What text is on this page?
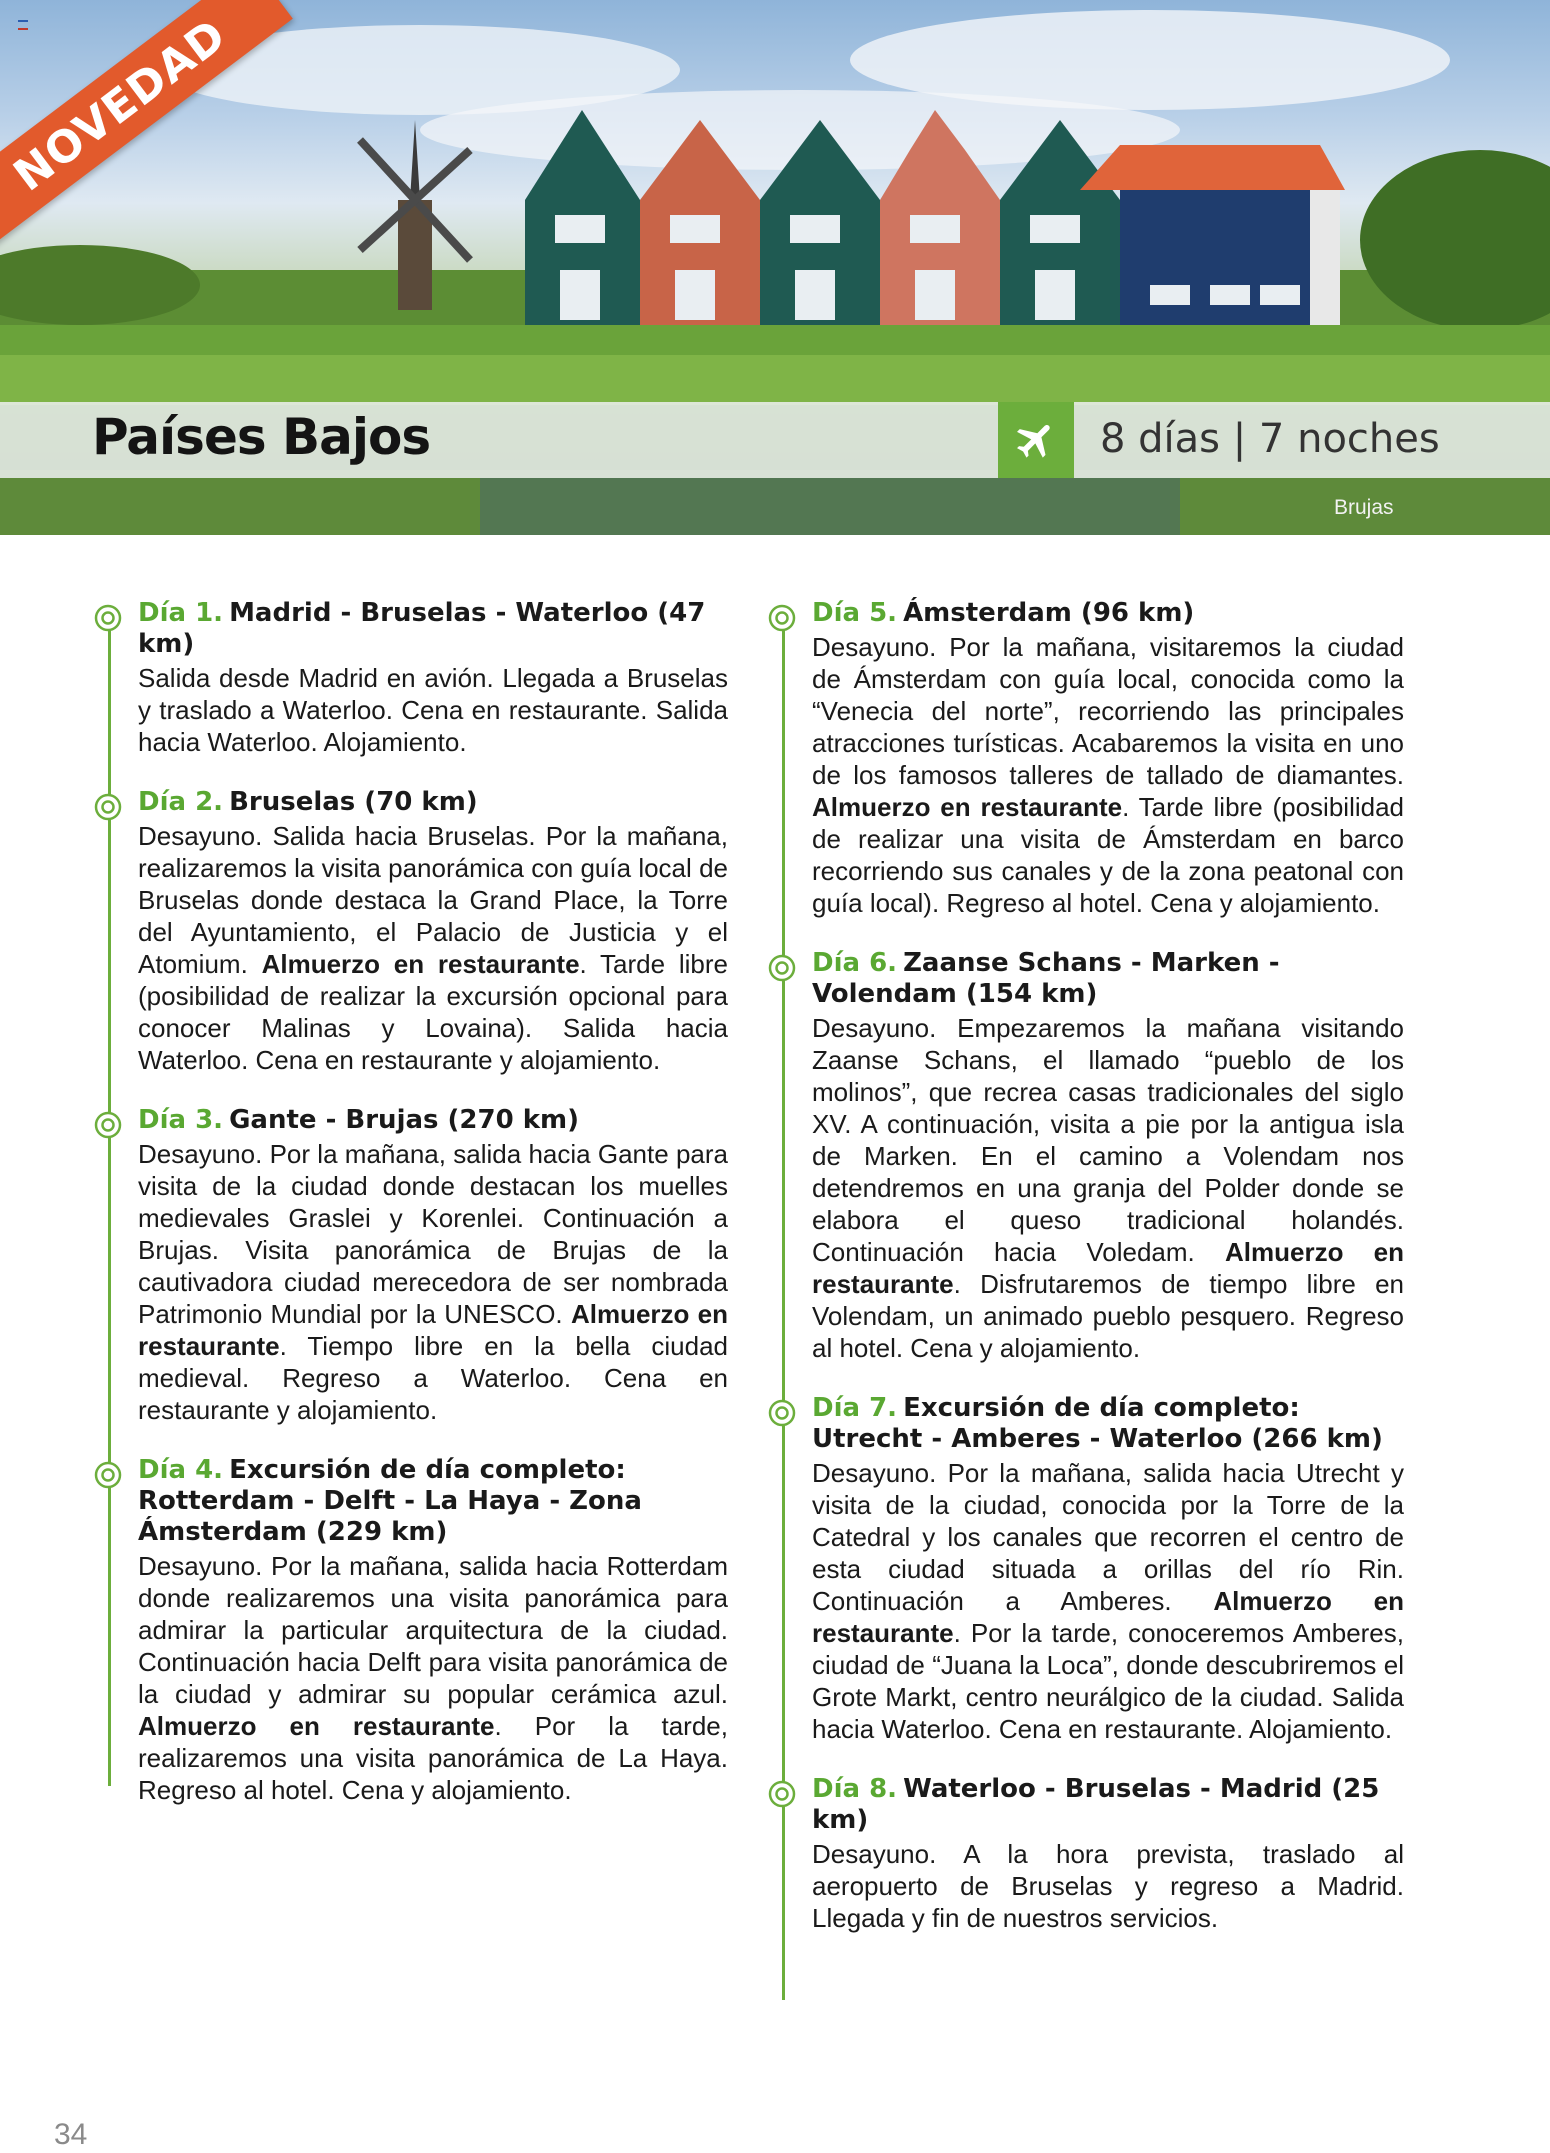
NOVEDAD
Países Bajos	8 días | 7 noches
Brujas

Día 1. Madrid - Bruselas - Waterloo (47 km)

Salida desde Madrid en avión. Llegada a Bruselas y traslado a Waterloo. Cena en restaurante. Salida hacia Waterloo. Alojamiento.

Día 2. Bruselas (70 km)

Desayuno. Salida hacia Bruselas. Por la mañana, realizaremos la visita panorámica con guía local de Bruselas donde destaca la Grand Place, la Torre del Ayuntamiento, el Palacio de Justicia y el Atomium. Almuerzo en restaurante. Tarde libre (posibilidad de realizar la excursión opcional para conocer Malinas y Lovaina). Salida hacia Waterloo. Cena en restaurante y alojamiento.

Día 3. Gante - Brujas (270 km)

Desayuno. Por la mañana, salida hacia Gante para visita de la ciudad donde destacan los muelles medievales Graslei y Korenlei. Continuación a Brujas. Visita panorámica de Brujas de la cautivadora ciudad merecedora de ser nombrada Patrimonio Mundial por la UNESCO. Almuerzo en restaurante. Tiempo libre en la bella ciudad medieval. Regreso a Waterloo. Cena en restaurante y alojamiento.

Día 4. Excursión de día completo: Rotterdam - Delft - La Haya - Zona Ámsterdam (229 km)

Desayuno. Por la mañana, salida hacia Rotterdam donde realizaremos una visita panorámica para admirar la particular arquitectura de la ciudad. Continuación hacia Delft para visita panorámica de la ciudad y admirar su popular cerámica azul. Almuerzo en restaurante. Por la tarde, realizaremos una visita panorámica de La Haya. Regreso al hotel. Cena y alojamiento.

Día 5. Ámsterdam (96 km)

Desayuno. Por la mañana, visitaremos la ciudad de Ámsterdam con guía local, conocida como la “Venecia del norte”, recorriendo las principales atracciones turísticas. Acabaremos la visita en uno de los famosos talleres de tallado de diamantes. Almuerzo en restaurante. Tarde libre (posibilidad de realizar una visita de Ámsterdam en barco recorriendo sus canales y de la zona peatonal con guía local). Regreso al hotel. Cena y alojamiento.

Día 6. Zaanse Schans - Marken - Volendam (154 km)

Desayuno. Empezaremos la mañana visitando Zaanse Schans, el llamado “pueblo de los molinos”, que recrea casas tradicionales del siglo XV. A continuación, visita a pie por la antigua isla de Marken. En el camino a Volendam nos detendremos en una granja del Polder donde se elabora el queso tradicional holandés. Continuación hacia Voledam. Almuerzo en restaurante. Disfrutaremos de tiempo libre en Volendam, un animado pueblo pesquero. Regreso al hotel. Cena y alojamiento.

Día 7. Excursión de día completo: Utrecht - Amberes - Waterloo (266 km)

Desayuno. Por la mañana, salida hacia Utrecht y visita de la ciudad, conocida por la Torre de la Catedral y los canales que recorren el centro de esta ciudad situada a orillas del río Rin. Continuación a Amberes. Almuerzo en restaurante. Por la tarde, conoceremos Amberes, ciudad de “Juana la Loca”, donde descubriremos el Grote Markt, centro neurálgico de la ciudad. Salida hacia Waterloo. Cena en restaurante. Alojamiento.

Día 8. Waterloo - Bruselas - Madrid (25 km)

Desayuno. A la hora prevista, traslado al aeropuerto de Bruselas y regreso a Madrid. Llegada y fin de nuestros servicios.

34
